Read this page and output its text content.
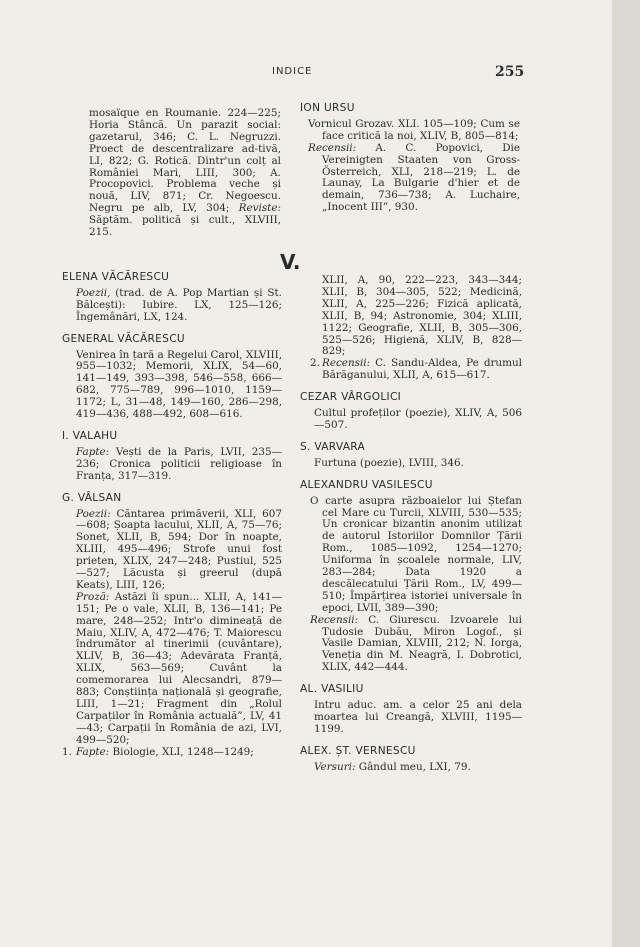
INDICE	255

mosaïque en Roumanie. 224—225; Horia Stâncă. Un parazit social: gazetarul, 346; C. L. Negruzzi. Proect de descentralizare ad-tivă, LI, 822; G. Rotică. Dintr'un colț al României Mari, LIII, 300; A. Procopovici. Problema veche și nouă, LIV, 871; Cr. Negoescu. Negru pe alb, LV, 304; Reviste: Săptăm. politică și cult., XLVIII, 215.

ION URSU

Vornicul Grozav. XLI. 105—109; Cum se face critică la noi, XLIV, B, 805—814;

Recensii: A. C. Popovici, Die Vereinigten Staaten von Gross-Österreich, XLI, 218—219; L. de Launay, La Bulgarie d'hier et de demain, 736—738; A. Luchaire, „Inocent III”, 930.

V.
ELENA VĂCĂRESCU

Poezii, (trad. de A. Pop Martian și St. Bălcești): Iubire. LX, 125—126; Îngemânări, LX, 124.

GENERAL VĂCĂRESCU

Venirea în țară a Regelui Carol, XLVIII, 955—1032; Memorii, XLIX, 54—60, 141—149, 393—398, 546—558, 666—682, 775—789, 996—1010, 1159—1172; L, 31—48, 149—160, 286—298, 419—436, 488—492, 608—616.

I. VALAHU

Fapte: Vești de la Paris, LVII, 235—236; Cronica politicii religioase în Franța, 317—319.

G. VÂLSAN

Poezii: Căntarea primăverii, XLI, 607—608; Șoapta lacului, XLII, A, 75—76; Sonet, XLII, B, 594; Dor în noapte, XLIII, 495—496; Strofe unui fost prieten, XLIX, 247—248; Pustiul, 525—527; Lăcusta și greerul (după Keats), LIII, 126;

Proză: Astăzi îi spun... XLII, A, 141—151; Pe o vale, XLII, B, 136—141; Pe mare, 248—252; Intr'o dimineață de Maiu, XLIV, A, 472—476; T. Maiorescu îndrumător al tinerimii (cuvântare), XLIV, B, 36—43; Adevărata Franță, XLIX, 563—569; Cuvânt la comemorarea lui Alecsandri, 879—883; Conștiința națională și geografie, LIII, 1—21; Fragment din „Rolul Carpaților în România actuală”, LV, 41—43; Carpații în România de azi, LVI, 499—520;

1. Fapte: Biologie, XLI, 1248—1249;

XLII, A, 90, 222—223, 343—344; XLII, B, 304—305, 522; Medicină, XLII, A, 225—226; Fizică aplicată, XLII, B, 94; Astronomie, 304; XLIII, 1122; Geografie, XLII, B, 305—306, 525—526; Higienă, XLIV, B, 828—829;

2. Recensii: C. Sandu-Aldea, Pe drumul Bărăganului, XLII, A, 615—617.

CEZAR VÂRGOLICI

Cultul profeților (poezie), XLIV, A, 506—507.

S. VARVARA

Furtuna (poezie), LVIII, 346.

ALEXANDRU VASILESCU

O carte asupra războaielor lui Ștefan cel Mare cu Turcii, XLVIII, 530—535; Un cronicar bizantin anonim utilizat de autorul Istoriilor Domnilor Țării Rom., 1085—1092, 1254—1270; Uniforma în școalele normale, LIV, 283—284; Data 1920 a descălecatului Țării Rom., LV, 499—510; Împărțirea istoriei universale în epoci, LVII, 389—390;

Recensii: C. Giurescu. Izvoarele lui Tudosie Dubău, Miron Logof., și Vasile Damian, XLVIII, 212; N. Iorga, Veneția din M. Neagră, I. Dobrotici, XLIX, 442—444.

AL. VASILIU

Intru aduc. am. a celor 25 ani dela moartea lui Creangă, XLVIII, 1195—1199.

ALEX. ȘT. VERNESCU

Versuri: Gândul meu, LXI, 79.
